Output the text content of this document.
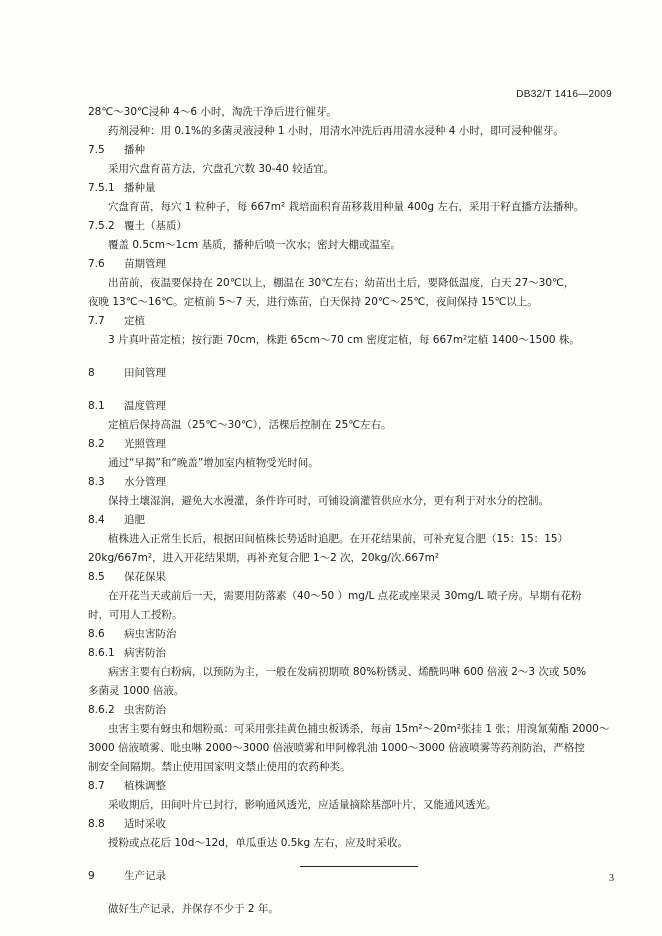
DB32/T 1416—2009
28℃～30℃浸种 4～6 小时，淘洗干净后进行催芽。
药剂浸种：用 0.1%的多菌灵液浸种 1 小时，用清水冲洗后再用清水浸种 4 小时，即可浸种催芽。
7.5 播种
采用穴盘育苗方法，穴盘孔穴数 30-40 较适宜。
7.5.1 播种量
穴盘育苗，每穴 1 粒种子，每 667m² 栽培面积育苗移栽用种量 400g 左右，采用干籽直播方法播种。
7.5.2 覆土（基质）
覆盖 0.5cm～1cm 基质，播种后喷一次水；密封大棚或温室。
7.6 苗期管理
出苗前，夜温要保持在 20℃以上，棚温在 30℃左右；幼苗出土后，要降低温度，白天 27～30℃，
夜晚 13℃～16℃。定植前 5～7 天，进行炼苗，白天保持 20℃～25℃，夜间保持 15℃以上。
7.7 定植
3 片真叶苗定植；按行距 70cm，株距 65cm～70 cm 密度定植，每 667m²定植 1400～1500 株。
8	田间管理
8.1 温度管理
定植后保持高温（25℃～30℃），活棵后控制在 25℃左右。
8.2 光照管理
通过“早揭”和“晚盖”增加室内植物受光时间。
8.3 水分管理
保持土壤湿润，避免大水漫灌，条件许可时，可铺设滴灌管供应水分，更有利于对水分的控制。
8.4 追肥
植株进入正常生长后，根据田间植株长势适时追肥。在开花结果前，可补充复合肥（15：15：15）
20kg/667m²，进入开花结果期，再补充复合肥 1～2 次，20kg/次.667m²
8.5 保花保果
在开花当天或前后一天，需要用防落素（40～50 ）mg/L 点花或座果灵 30mg/L 喷子房。早期有花粉
时，可用人工授粉。
8.6 病虫害防治
8.6.1 病害防治
病害主要有白粉病，以预防为主，一般在发病初期喷 80%粉锈灵、烯酰吗啉 600 倍液 2～3 次或 50%
多菌灵 1000 倍液。
8.6.2 虫害防治
虫害主要有蚜虫和烟粉虱：可采用张挂黄色捕虫板诱杀，每亩 15m²～20m²张挂 1 张；用溴氰菊酯 2000～
3000 倍液喷雾、吡虫啉 2000～3000 倍液喷雾和甲阿橡乳油 1000～3000 倍液喷雾等药剂防治，严格控
制安全间隔期。禁止使用国家明文禁止使用的农药种类。
8.7 植株调整
采收期后，田间叶片已封行，影响通风透光，应适量摘除基部叶片，又能通风透光。
8.8 适时采收
授粉或点花后 10d～12d，单瓜重达 0.5kg 左右，应及时采收。
9	生产记录
做好生产记录，并保存不少于 2 年。
3
